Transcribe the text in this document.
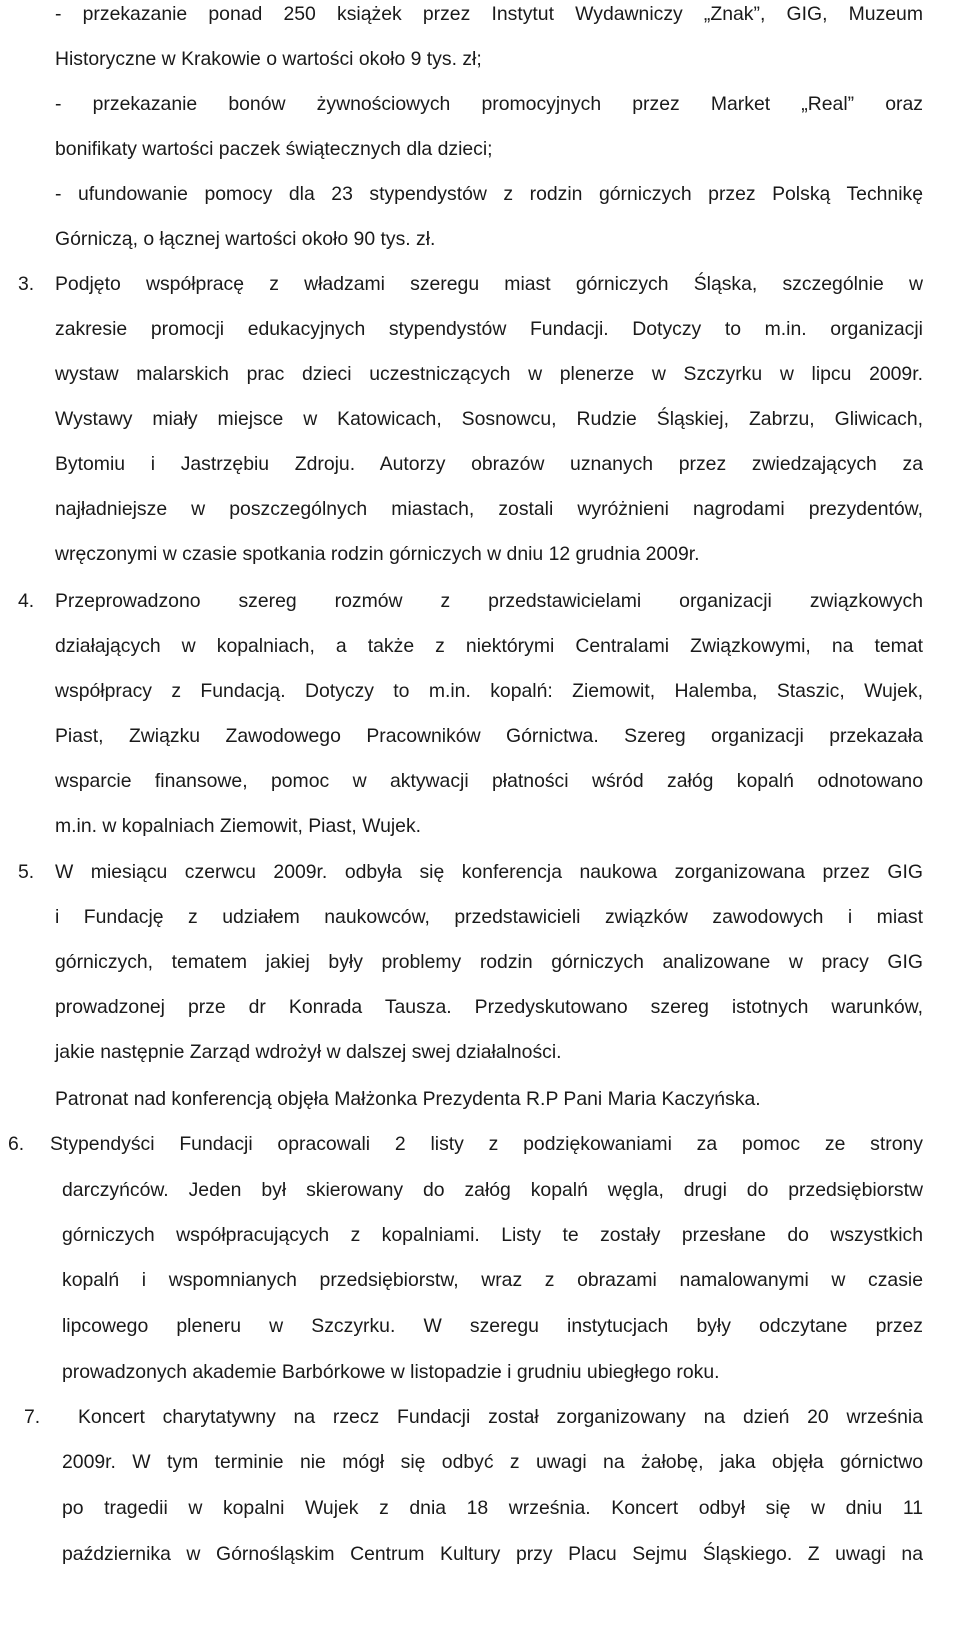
- przekazanie ponad 250 książek przez Instytut Wydawniczy „Znak”, GIG, Muzeum
Historyczne w Krakowie o wartości około 9 tys. zł;
- przekazanie bonów żywnościowych promocyjnych przez Market „Real” oraz
bonifikaty wartości paczek świątecznych dla dzieci;
- ufundowanie pomocy dla 23 stypendystów z rodzin górniczych przez Polską Technikę
Górniczą, o łącznej wartości około 90 tys. zł.
3. Podjęto współpracę z władzami szeregu miast górniczych Śląska, szczególnie w
zakresie promocji edukacyjnych stypendystów Fundacji. Dotyczy to m.in. organizacji
wystaw malarskich prac dzieci uczestniczących w plenerze w Szczyrku w lipcu 2009r.
Wystawy miały miejsce w Katowicach, Sosnowcu, Rudzie Śląskiej, Zabrzu, Gliwicach,
Bytomiu i Jastrzębiu Zdroju. Autorzy obrazów uznanych przez zwiedzających za
najładniejsze w poszczególnych miastach, zostali wyróżnieni nagrodami prezydentów,
wręczonymi w czasie spotkania rodzin górniczych w dniu 12 grudnia 2009r.
4. Przeprowadzono szereg rozmów z przedstawicielami organizacji związkowych
działających w kopalniach, a także z niektórymi Centralami Związkowymi, na temat
współpracy z Fundacją. Dotyczy to m.in. kopalń: Ziemowit, Halemba, Staszic, Wujek,
Piast, Związku Zawodowego Pracowników Górnictwa. Szereg organizacji przekazała
wsparcie finansowe, pomoc w aktywacji płatności wśród załóg kopalń odnotowano
m.in. w kopalniach Ziemowit, Piast, Wujek.
5. W miesiącu czerwcu 2009r. odbyła się konferencja naukowa zorganizowana przez GIG
i Fundację z udziałem naukowców, przedstawicieli związków zawodowych i miast
górniczych, tematem jakiej były problemy rodzin górniczych analizowane w pracy GIG
prowadzonej prze dr Konrada Tausza. Przedyskutowano szereg istotnych warunków,
jakie następnie Zarząd wdrożył w dalszej swej działalności.
Patronat nad konferencją objęła Małżonka Prezydenta R.P Pani Maria Kaczyńska.
6. Stypendyści Fundacji opracowali 2 listy z podziękowaniami za pomoc ze strony
darczyńców. Jeden był skierowany do załóg kopalń węgla, drugi do przedsiębiorstw
górniczych współpracujących z kopalniami. Listy te zostały przesłane do wszystkich
kopalń i wspomnianych przedsiębiorstw, wraz z obrazami namalowanymi w czasie
lipcowego pleneru w Szczyrku. W szeregu instytucjach były odczytane przez
prowadzonych akademie Barbórkowe w listopadzie i grudniu ubiegłego roku.
7. Koncert charytatywny na rzecz Fundacji został zorganizowany na dzień 20 września
2009r. W tym terminie nie mógł się odbyć z uwagi na żałobę, jaka objęła górnictwo
po tragedii w kopalni Wujek z dnia 18 września. Koncert odbył się w dniu 11
października w Górnośląskim Centrum Kultury przy Placu Sejmu Śląskiego. Z uwagi na
